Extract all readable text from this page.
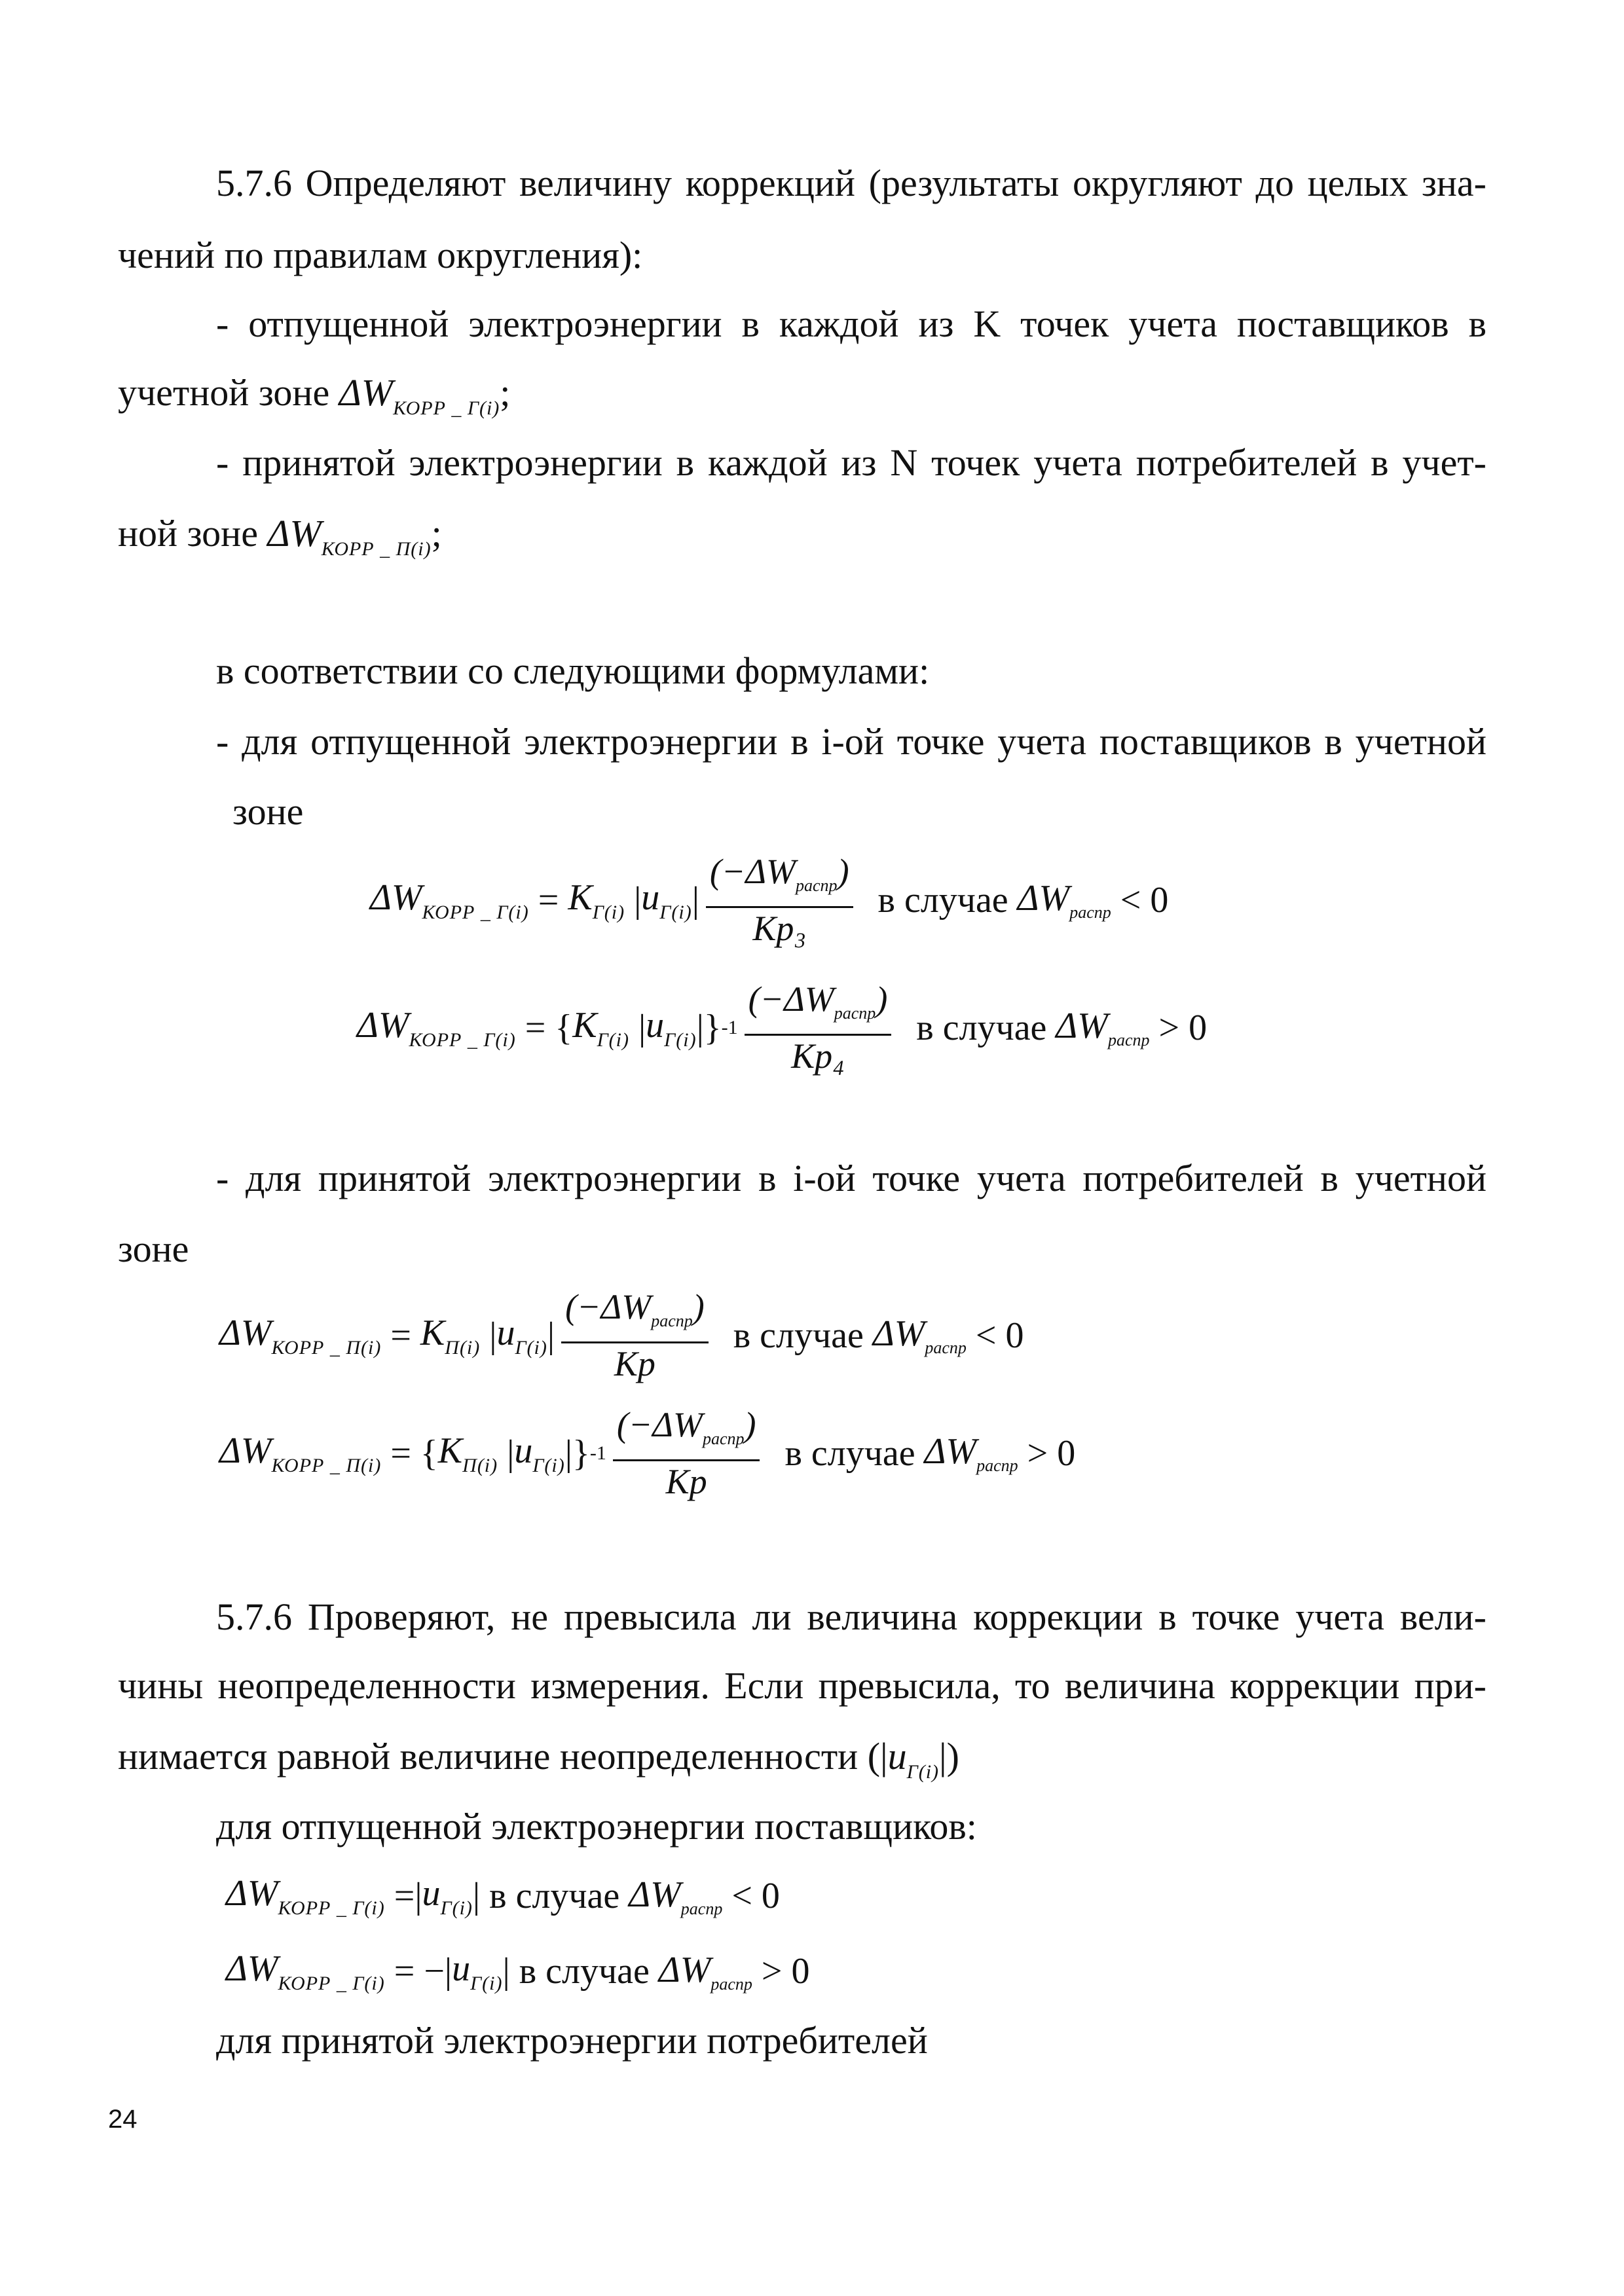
5.7.6 Определяют величину коррекций (результаты округляют до целых зна-
чений по правилам округления):
- отпущенной электроэнергии в каждой из K точек учета поставщиков в
учетной зоне $\Delta W_{КОРР \_ Г(i)}$;
- принятой электроэнергии в каждой из N точек учета потребителей в учет-
ной зоне $\Delta W_{КОРР \_ П(i)}$;
в соответствии со следующими формулами:
- для отпущенной электроэнергии в i-ой точке учета поставщиков в учетной
зоне
$\Delta W_{КОРР \_ Г(i)} = K_{Г(i)}$ | $u_{Г(i)}$ | $\frac{(-\Delta W_{распр})}{\text{Kp₃}}$ в случае
$\Delta W_{распр}$
< 0
$\Delta W_{КОРР \_ Г(i)}$ = { $K_{Г(i)}$ | $u_{Г(i)}$ |} $-1 \frac{(-\Delta W_{распр})}{\text{Kp₄}}$ в случае
$\Delta W_{распр}$
> 0
- для принятой электроэнергии в i-ой точке учета потребителей в учетной
зоне
$\Delta W_{КОРР \_ П(i)} = K_{П(i)}$ | $u_{Г(i)}$ | $\frac{(-\Delta W_{распр})}{Kp}$ в случае
$\Delta W_{распр}$
< 0
$\Delta W_{КОРР \_ П(i)}$ = { $K_{П(i)}$ | $u_{Г(i)}$ |} $-1 \frac{(-\Delta W_{распр})}{Kp}$ в случае
$\Delta W_{распр}$
> 0
5.7.6 Проверяют, не превысила ли величина коррекции в точке учета вели-
чины неопределенности измерения. Если превысила, то величина коррекции при-
нимается равной величине неопределенности $(|u_{Г(i)}|)$
для отпущенной электроэнергии поставщиков:
$\Delta W_{КОРР \_ Г(i)}$ =| $u_{Г(i)}$ | в случае
$\Delta W_{распр}$
< 0
$\Delta W_{КОРР \_ Г(i)}$ = −| $u_{Г(i)}$ | в случае
$\Delta W_{распр}$
> 0
для принятой электроэнергии потребителей
24
